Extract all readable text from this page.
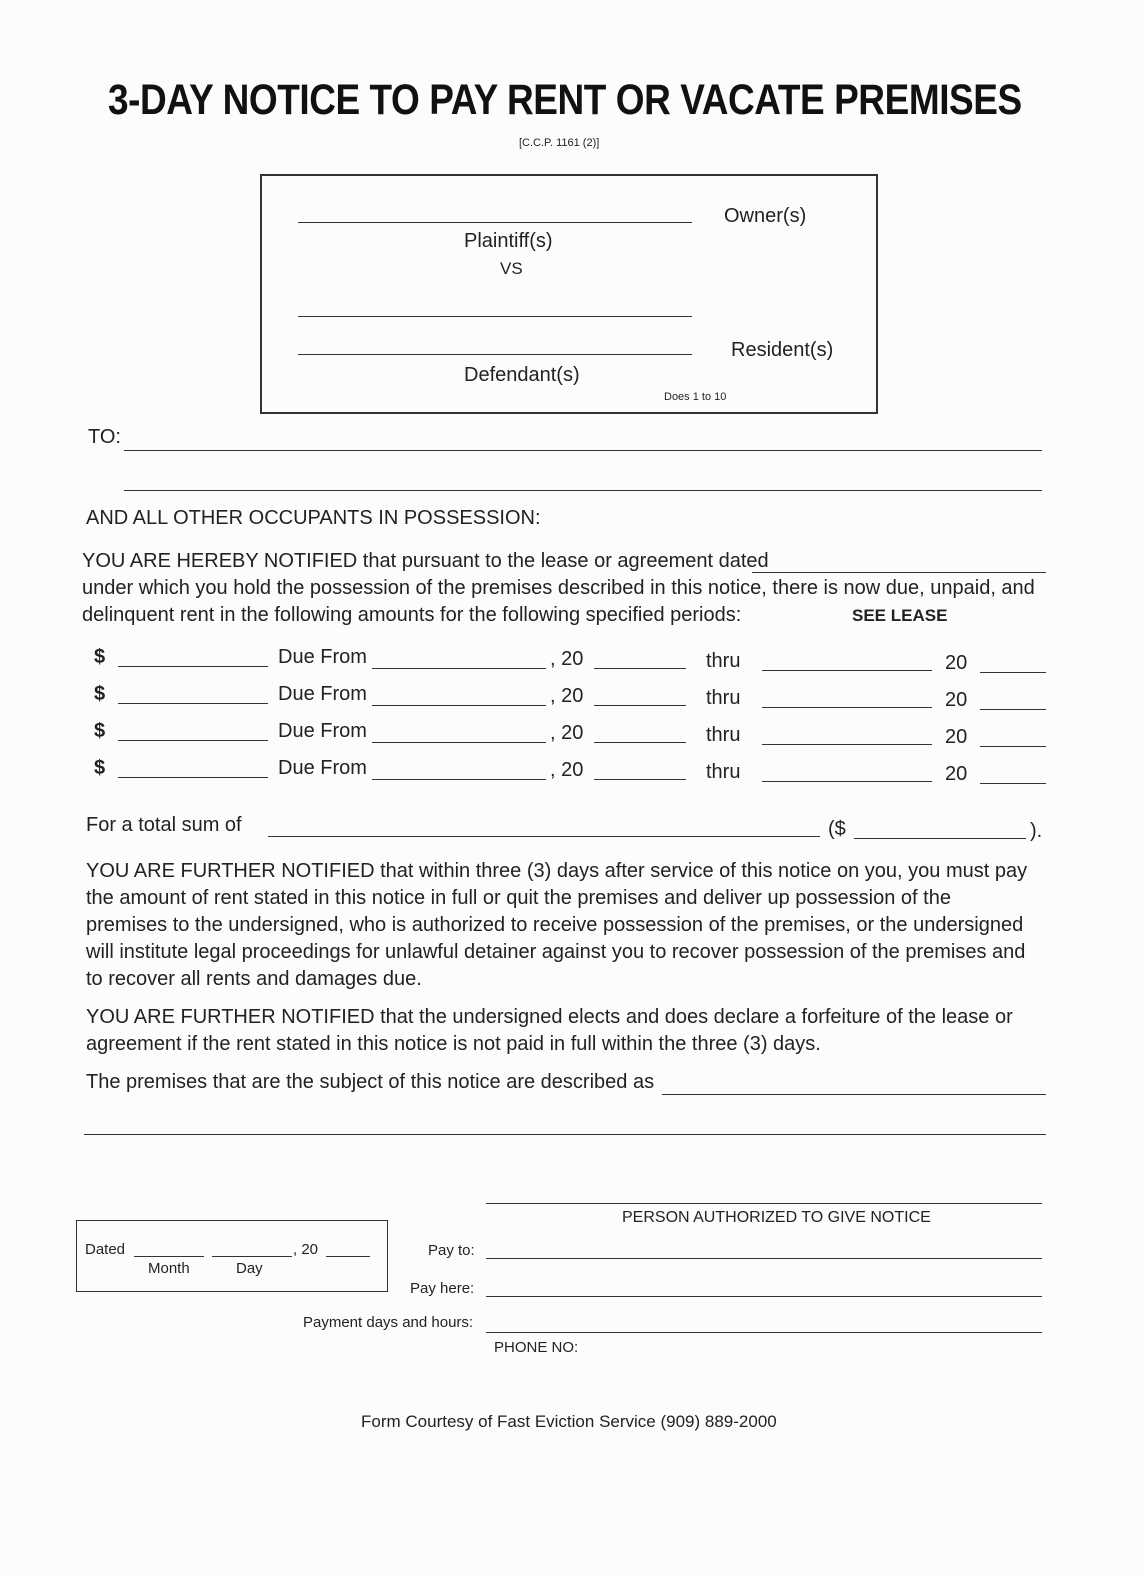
3-DAY NOTICE TO PAY RENT OR VACATE PREMISES
[C.C.P. 1161 (2)]
Owner(s)
Plaintiff(s)
VS
Resident(s)
Defendant(s)
Does 1 to 10
TO:
AND ALL OTHER OCCUPANTS IN POSSESSION:
YOU ARE HEREBY NOTIFIED that pursuant to the lease or agreement dated
under which you hold the possession of the premises described in this notice, there is now due, unpaid, and
delinquent rent in the following amounts for the following specified periods:	SEE LEASE
$	Due From	, 20	thru	20
$	Due From	, 20	thru	20
$	Due From	, 20	thru	20
$	Due From	, 20	thru	20
For a total sum of	($	).
YOU ARE FURTHER NOTIFIED that within three (3) days after service of this notice on you, you must pay
the amount of rent stated in this notice in full or quit the premises and deliver up possession of the
premises to the undersigned, who is authorized to receive possession of the premises, or the undersigned
will institute legal proceedings for unlawful detainer against you to recover possession of the premises and
to recover all rents and damages due.
YOU ARE FURTHER NOTIFIED that the undersigned elects and does declare a forfeiture of the lease or
agreement if the rent stated in this notice is not paid in full within the three (3) days.
The premises that are the subject of this notice are described as
PERSON AUTHORIZED TO GIVE NOTICE
Dated	, 20
Month	Day
Pay to:
Pay here:
Payment days and hours:
PHONE NO:
Form Courtesy of Fast Eviction Service (909) 889-2000
